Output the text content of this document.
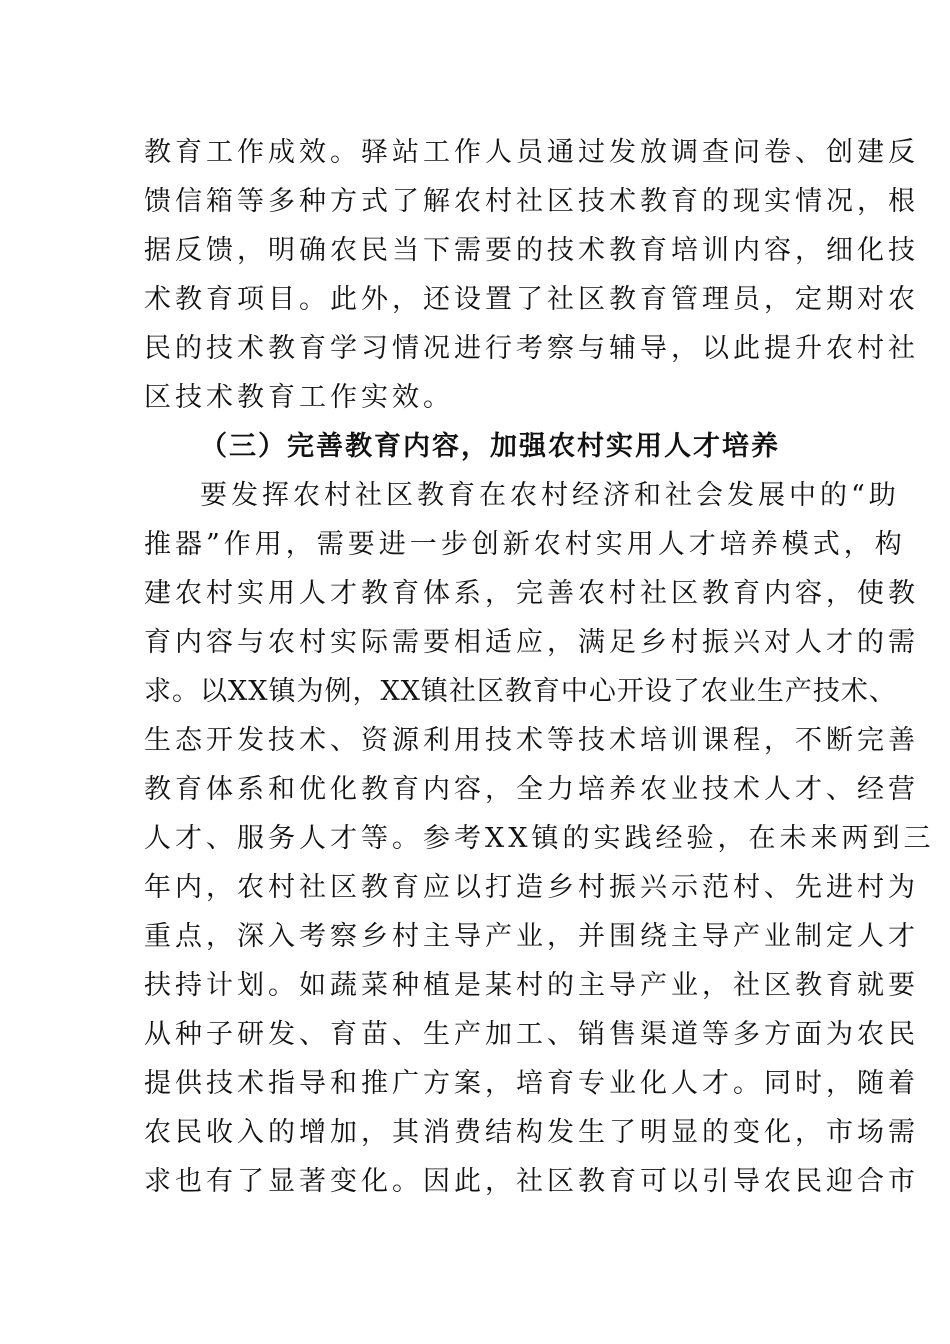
教育工作成效。驿站工作人员通过发放调查问卷、创建反
馈信箱等多种方式了解农村社区技术教育的现实情况，根
据反馈，明确农民当下需要的技术教育培训内容，细化技
术教育项目。此外，还设置了社区教育管理员，定期对农
民的技术教育学习情况进行考察与辅导，以此提升农村社
区技术教育工作实效。
（三）完善教育内容，加强农村实用人才培养
要发挥农村社区教育在农村经济和社会发展中的“助
推器”作用，需要进一步创新农村实用人才培养模式，构
建农村实用人才教育体系，完善农村社区教育内容，使教
育内容与农村实际需要相适应，满足乡村振兴对人才的需
求。以XX镇为例，XX镇社区教育中心开设了农业生产技术、
生态开发技术、资源利用技术等技术培训课程，不断完善
教育体系和优化教育内容，全力培养农业技术人才、经营
人才、服务人才等。参考XX镇的实践经验，在未来两到三
年内，农村社区教育应以打造乡村振兴示范村、先进村为
重点，深入考察乡村主导产业，并围绕主导产业制定人才
扶持计划。如蔬菜种植是某村的主导产业，社区教育就要
从种子研发、育苗、生产加工、销售渠道等多方面为农民
提供技术指导和推广方案，培育专业化人才。同时，随着
农民收入的增加，其消费结构发生了明显的变化，市场需
求也有了显著变化。因此，社区教育可以引导农民迎合市
